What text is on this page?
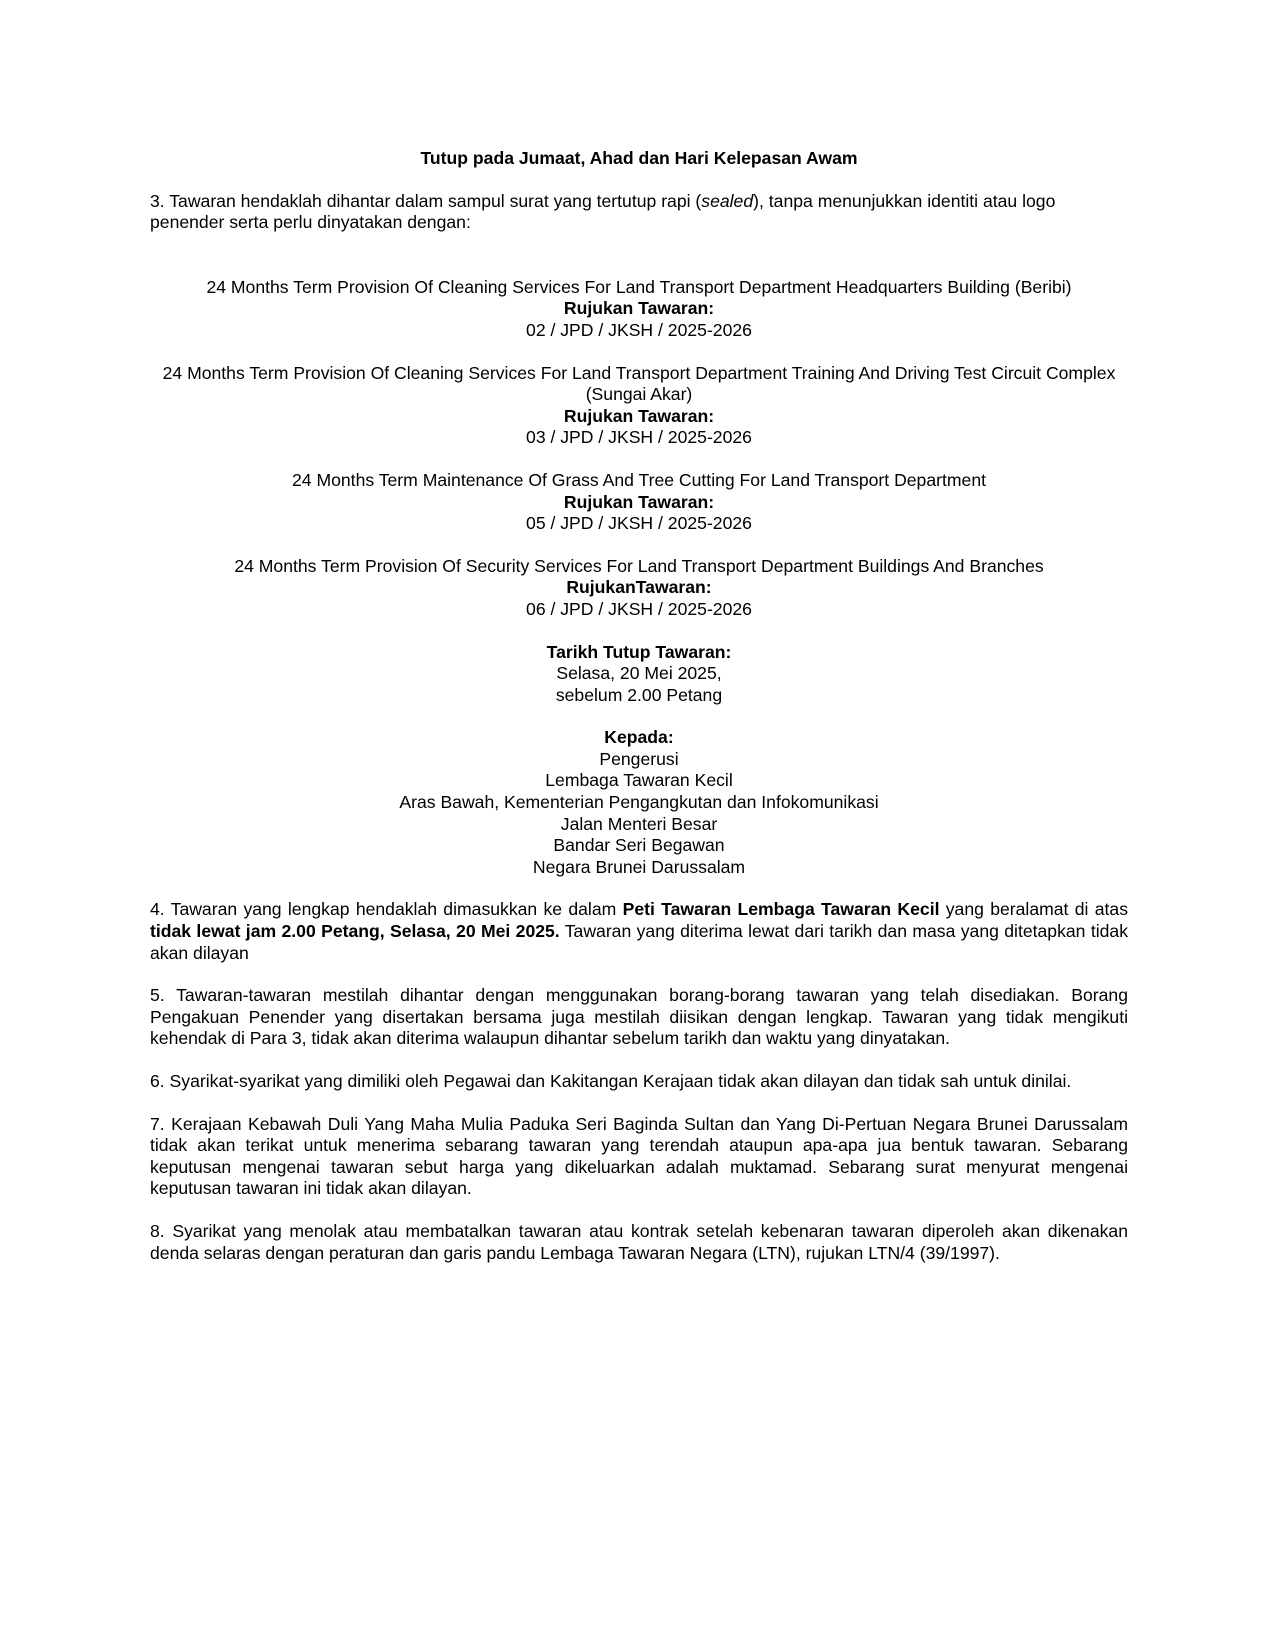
Tutup pada Jumaat, Ahad dan Hari Kelepasan Awam

3. Tawaran hendaklah dihantar dalam sampul surat yang tertutup rapi (sealed), tanpa menunjukkan identiti atau logo penender serta perlu dinyatakan dengan:

24 Months Term Provision Of Cleaning Services For Land Transport Department Headquarters Building (Beribi)
Rujukan Tawaran:
02 / JPD / JKSH / 2025-2026
24 Months Term Provision Of Cleaning Services For Land Transport Department Training And Driving Test Circuit Complex (Sungai Akar)
Rujukan Tawaran:
03 / JPD / JKSH / 2025-2026
24 Months Term Maintenance Of Grass And Tree Cutting For Land Transport Department
Rujukan Tawaran:
05 / JPD / JKSH / 2025-2026
24 Months Term Provision Of Security Services For Land Transport Department Buildings And Branches
RujukanTawaran:
06 / JPD / JKSH / 2025-2026
Tarikh Tutup Tawaran:
Selasa, 20 Mei 2025,
sebelum 2.00 Petang
Kepada:
Pengerusi
Lembaga Tawaran Kecil
Aras Bawah, Kementerian Pengangkutan dan Infokomunikasi
Jalan Menteri Besar
Bandar Seri Begawan
Negara Brunei Darussalam

4. Tawaran yang lengkap hendaklah dimasukkan ke dalam Peti Tawaran Lembaga Tawaran Kecil yang beralamat di atas tidak lewat jam 2.00 Petang, Selasa, 20 Mei 2025. Tawaran yang diterima lewat dari tarikh dan masa yang ditetapkan tidak akan dilayan

5. Tawaran-tawaran mestilah dihantar dengan menggunakan borang-borang tawaran yang telah disediakan. Borang Pengakuan Penender yang disertakan bersama juga mestilah diisikan dengan lengkap. Tawaran yang tidak mengikuti kehendak di Para 3, tidak akan diterima walaupun dihantar sebelum tarikh dan waktu yang dinyatakan.

6. Syarikat-syarikat yang dimiliki oleh Pegawai dan Kakitangan Kerajaan tidak akan dilayan dan tidak sah untuk dinilai.

7. Kerajaan Kebawah Duli Yang Maha Mulia Paduka Seri Baginda Sultan dan Yang Di-Pertuan Negara Brunei Darussalam tidak akan terikat untuk menerima sebarang tawaran yang terendah ataupun apa-apa jua bentuk tawaran. Sebarang keputusan mengenai tawaran sebut harga yang dikeluarkan adalah muktamad. Sebarang surat menyurat mengenai keputusan tawaran ini tidak akan dilayan.

8. Syarikat yang menolak atau membatalkan tawaran atau kontrak setelah kebenaran tawaran diperoleh akan dikenakan denda selaras dengan peraturan dan garis pandu Lembaga Tawaran Negara (LTN), rujukan LTN/4 (39/1997).
